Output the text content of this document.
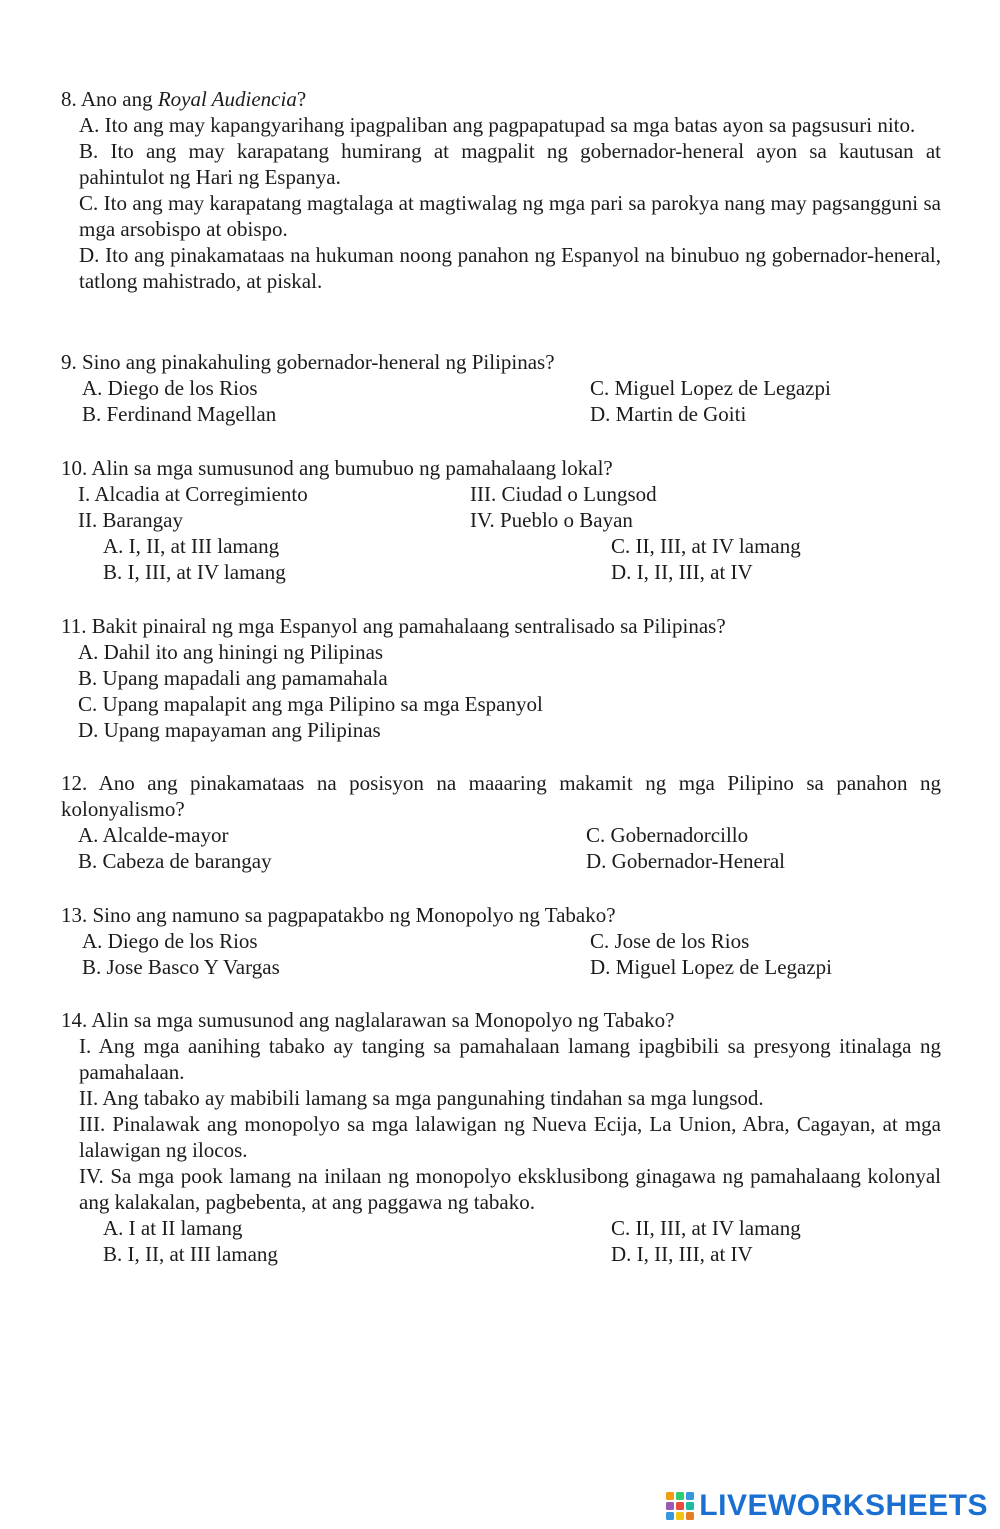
8. Ano ang Royal Audiencia?
A. Ito ang may kapangyarihang ipagpaliban ang pagpapatupad sa mga batas ayon sa pagsusuri nito.
B. Ito ang may karapatang humirang at magpalit ng gobernador-heneral ayon sa kautusan at pahintulot ng Hari ng Espanya.
C. Ito ang may karapatang magtalaga at magtiwalag ng mga pari sa parokya nang may pagsangguni sa mga arsobispo at obispo.
D. Ito ang pinakamataas na hukuman noong panahon ng Espanyol na binubuo ng gobernador-heneral, tatlong mahistrado, at piskal.
9. Sino ang pinakahuling gobernador-heneral ng Pilipinas?
A. Diego de los Rios	C. Miguel Lopez de Legazpi
B. Ferdinand Magellan	D. Martin de Goiti
10. Alin sa mga sumusunod ang bumubuo ng pamahalaang lokal?
I. Alcadia at Corregimiento	III. Ciudad o Lungsod
II. Barangay	IV. Pueblo o Bayan
A. I, II, at III lamang	C. II, III, at IV lamang
B. I, III, at IV lamang	D. I, II, III, at IV
11. Bakit pinairal ng mga Espanyol ang pamahalaang sentralisado sa Pilipinas?
A. Dahil ito ang hiningi ng Pilipinas
B. Upang mapadali ang pamamahala
C. Upang mapalapit ang mga Pilipino sa mga Espanyol
D. Upang mapayaman ang Pilipinas
12. Ano ang pinakamataas na posisyon na maaaring makamit ng mga Pilipino sa panahon ng kolonyalismo?
A. Alcalde-mayor	C. Gobernadorcillo
B. Cabeza de barangay	D. Gobernador-Heneral
13. Sino ang namuno sa pagpapatakbo ng Monopolyo ng Tabako?
A. Diego de los Rios	C. Jose de los Rios
B. Jose Basco Y Vargas	D. Miguel Lopez de Legazpi
14. Alin sa mga sumusunod ang naglalarawan sa Monopolyo ng Tabako?
I. Ang mga aanihing tabako ay tanging sa pamahalaan lamang ipagbibili sa presyong itinalaga ng pamahalaan.
II. Ang tabako ay mabibili lamang sa mga pangunahing tindahan sa mga lungsod.
III. Pinalawak ang monopolyo sa mga lalawigan ng Nueva Ecija, La Union, Abra, Cagayan, at mga lalawigan ng ilocos.
IV. Sa mga pook lamang na inilaan ng monopolyo eksklusibong ginagawa ng pamahalaang kolonyal ang kalakalan, pagbebenta, at ang paggawa ng tabako.
A. I at II lamang	C. II, III, at IV lamang
B. I, II, at III lamang	D. I, II, III, at IV
LIVEWORKSHEETS
